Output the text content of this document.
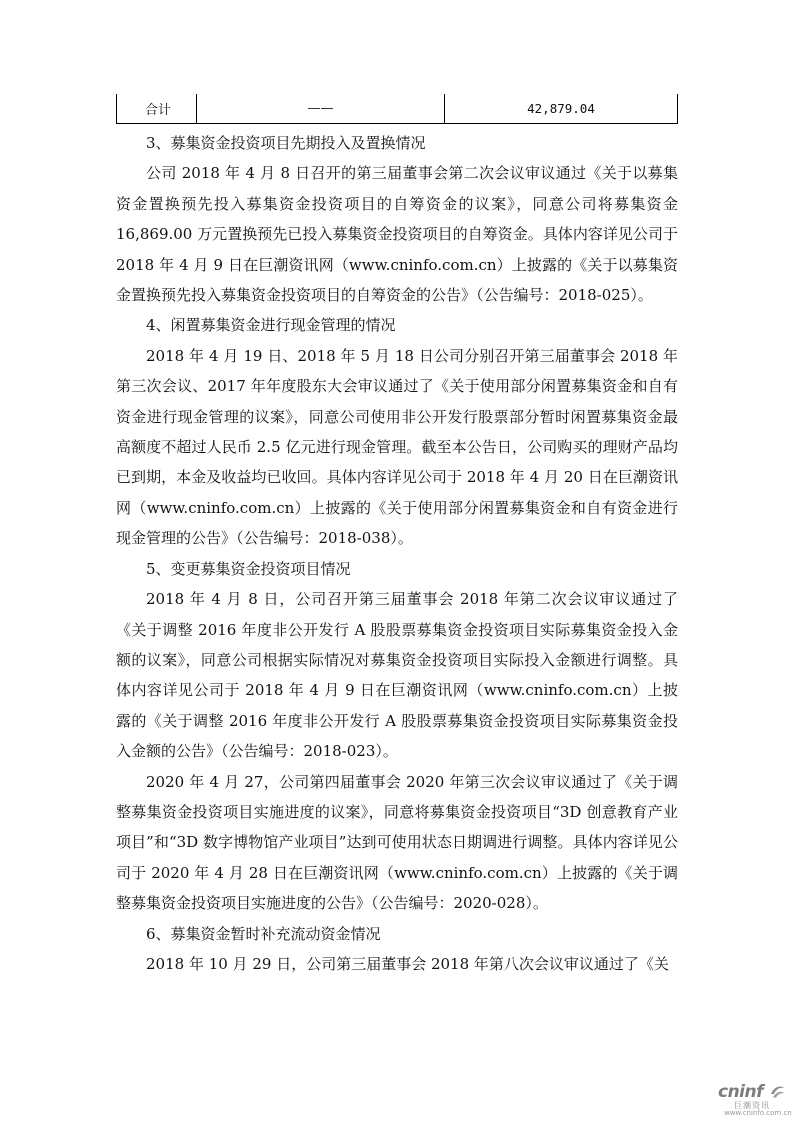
合计	——	42,879.04

3、募集资金投资项目先期投入及置换情况

公司 2018 年 4 月 8 日召开的第三届董事会第二次会议审议通过《关于以募集资金置换预先投入募集资金投资项目的自筹资金的议案》，同意公司将募集资金 16,869.00 万元置换预先已投入募集资金投资项目的自筹资金。具体内容详见公司于 2018 年 4 月 9 日在巨潮资讯网（www.cninfo.com.cn）上披露的《关于以募集资金置换预先投入募集资金投资项目的自筹资金的公告》（公告编号：2018-025）。

4、闲置募集资金进行现金管理的情况

2018 年 4 月 19 日、2018 年 5 月 18 日公司分别召开第三届董事会 2018 年第三次会议、2017 年年度股东大会审议通过了《关于使用部分闲置募集资金和自有资金进行现金管理的议案》，同意公司使用非公开发行股票部分暂时闲置募集资金最高额度不超过人民币 2.5 亿元进行现金管理。截至本公告日，公司购买的理财产品均已到期，本金及收益均已收回。具体内容详见公司于 2018 年 4 月 20 日在巨潮资讯网（www.cninfo.com.cn）上披露的《关于使用部分闲置募集资金和自有资金进行现金管理的公告》（公告编号：2018-038）。

5、变更募集资金投资项目情况

2018 年 4 月 8 日，公司召开第三届董事会 2018 年第二次会议审议通过了《关于调整 2016 年度非公开发行 A 股股票募集资金投资项目实际募集资金投入金额的议案》，同意公司根据实际情况对募集资金投资项目实际投入金额进行调整。具体内容详见公司于 2018 年 4 月 9 日在巨潮资讯网（www.cninfo.com.cn）上披露的《关于调整 2016 年度非公开发行 A 股股票募集资金投资项目实际募集资金投入金额的公告》（公告编号：2018-023）。

2020 年 4 月 27，公司第四届董事会 2020 年第三次会议审议通过了《关于调整募集资金投资项目实施进度的议案》，同意将募集资金投资项目“3D 创意教育产业项目”和“3D 数字博物馆产业项目”达到可使用状态日期调进行调整。具体内容详见公司于 2020 年 4 月 28 日在巨潮资讯网（www.cninfo.com.cn）上披露的《关于调整募集资金投资项目实施进度的公告》（公告编号：2020-028）。

6、募集资金暂时补充流动资金情况

2018 年 10 月 29 日，公司第三届董事会 2018 年第八次会议审议通过了《关

cninf
巨潮资讯
www.cninfo.com.cn
